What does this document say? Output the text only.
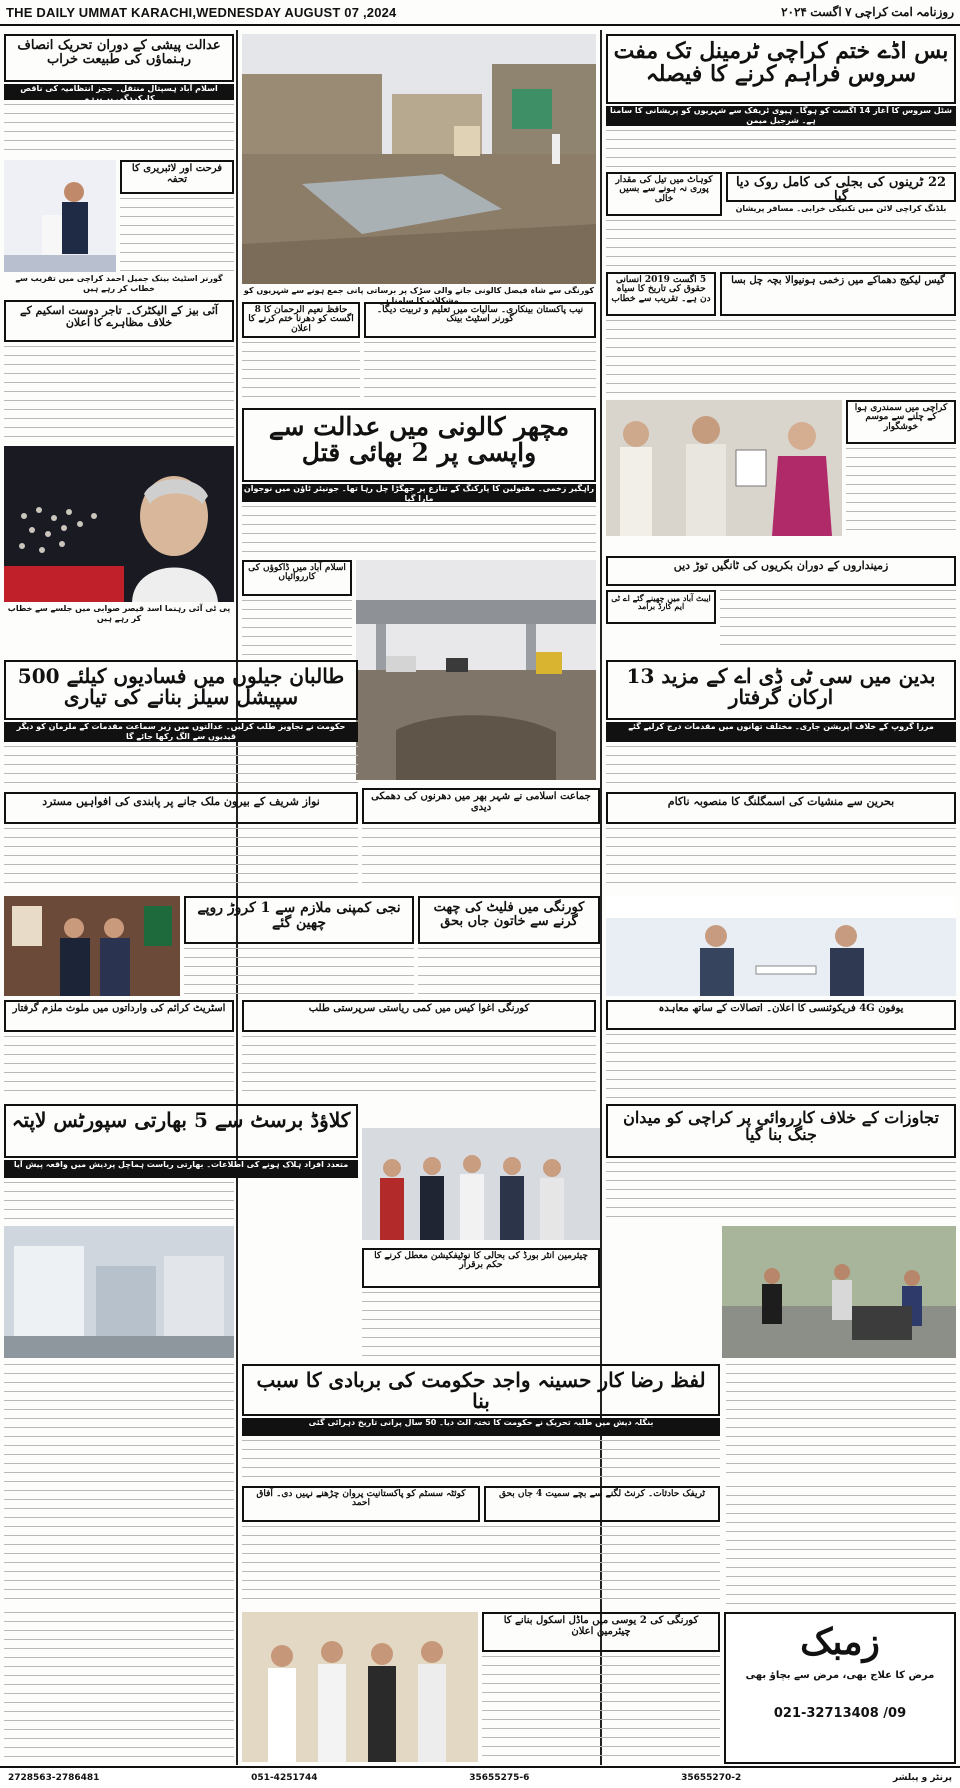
THE DAILY UMMAT KARACHI,WEDNESDAY AUGUST 07 ,2024	روزنامہ امت کراچی ۷ اگست ۲۰۲۴
عدالت پیشی کے دوران تحریک انصاف رہنماؤں کی طبیعت خراب
اسلام آباد ہسپتال منتقل۔ ججز انتظامیہ کی ناقص کارکردگی پر برہم
فرحت اور لائبریری کا تحفہ
گورنر اسٹیٹ بینک جمیل احمد کراچی میں تقریب سے خطاب کر رہے ہیں
آئی بیز کے الیکٹرک۔ تاجر دوست اسکیم کے خلاف مظاہرے کا اعلان
پی ٹی آئی رہنما اسد قیصر صوابی میں جلسے سے خطاب کر رہے ہیں
کورنگی سے شاہ فیصل کالونی جانے والی سڑک پر برساتی پانی جمع ہونے سے شہریوں کو مشکلات کا سامنا ہے
حافظ نعیم الرحمان کا 8 اگست کو دھرنا ختم کرنے کا اعلان
نیب پاکستان بینکاری۔ سالیات میں تعلیم و تربیت دیگا۔ گورنر اسٹیٹ بینک
مچھر کالونی میں عدالت سے واپسی پر 2 بھائی قتل
راہگیر زخمی۔ مقتولین کا پارکنگ کے تنازع پر جھگڑا چل رہا تھا۔ جونیئر ٹاؤن میں نوجوان مارا گیا
اسلام آباد میں ڈاکوؤں کی کارروائیاں
بس اڈے ختم کراچی ٹرمینل تک مفت سروس فراہم کرنے کا فیصلہ
شٹل سروس کا آغاز 14 اگست کو ہوگا۔ ہیوی ٹریفک سے شہریوں کو پریشانی کا سامنا ہے۔ شرجیل میمن
22 ٹرینوں کی بجلی کی کامل روک دیا گیا
بلڈنگ کراچی لائن میں تکنیکی خرابی۔ مسافر پریشان
کوہاٹ میں تیل کی مقدار پوری نہ ہونے سے بسیں خالی
5 اگست 2019 انسانی حقوق کی تاریخ کا سیاہ دن ہے۔ تقریب سے خطاب
گیس لیکیج دھماکے میں زخمی ہونیوالا بچہ چل بسا
کراچی میں سمندری ہوا کے چلنے سے موسم خوشگوار
زمینداروں کے دوران بکریوں کی ٹانگیں توڑ دیں
ایبٹ آباد میں چھینے گئے اے ٹی ایم کارڈ برآمد
طالبان جیلوں میں فسادیوں کیلئے 500 سپیشل سیلز بنانے کی تیاری
حکومت نے تجاویز طلب کرلیں۔ عدالتوں میں زیر سماعت مقدمات کے ملزمان کو دیگر قیدیوں سے الگ رکھا جائے گا
بدین میں سی ٹی ڈی اے کے مزید 13 ارکان گرفتار
مرزا گروپ کے خلاف آپریشن جاری۔ مختلف تھانوں میں مقدمات درج کرلیے گئے
نواز شریف کے بیرون ملک جانے پر پابندی کی افواہیں مسترد	جماعت اسلامی نے شہر بھر میں دھرنوں کی دھمکی دیدی	بحرین سے منشیات کی اسمگلنگ کا منصوبہ ناکام
نجی کمپنی ملازم سے 1 کروڑ روپے چھین گئے
کورنگی میں فلیٹ کی چھت گرنے سے خاتون جاں بحق
یوفون 4G فریکوئنسی کا اعلان۔ اتصالات کے ساتھ معاہدہ
اسٹریٹ کرائم کی وارداتوں میں ملوث ملزم گرفتار	کورنگی اغوا کیس میں کمی ریاستی سرپرستی طلب
کلاؤڈ برسٹ سے 5 بھارتی سپورٹس لاپتہ
متعدد افراد ہلاک ہونے کی اطلاعات۔ بھارتی ریاست ہماچل پردیش میں واقعہ پیش آیا
تجاوزات کے خلاف کارروائی پر کراچی کو میدان جنگ بنا گیا
چیئرمین انٹر بورڈ کی بحالی کا نوٹیفکیشن معطل کرنے کا حکم برقرار
لفظ رضا کار حسینہ واجد حکومت کی بربادی کا سبب بنا
بنگلہ دیش میں طلبہ تحریک نے حکومت کا تختہ الٹ دیا۔ 50 سال پرانی تاریخ دہرائی گئی
کوئٹہ سسٹم کو پاکستانیت پروان چڑھنے نہیں دی۔ آفاق احمد
ٹریفک حادثات۔ کرنٹ لگنے سے بچے سمیت 4 جاں بحق
کورنگی کی 2 یوسی میں ماڈل اسکول بنانے کا چیئرمین اعلان	زمبک
مرض کا علاج بھی، مرض سے بچاؤ بھی
021-32713408 /09
2728563-2786481	051-4251744	35655275-6	35655270-2	پرنٹر و پبلشر
